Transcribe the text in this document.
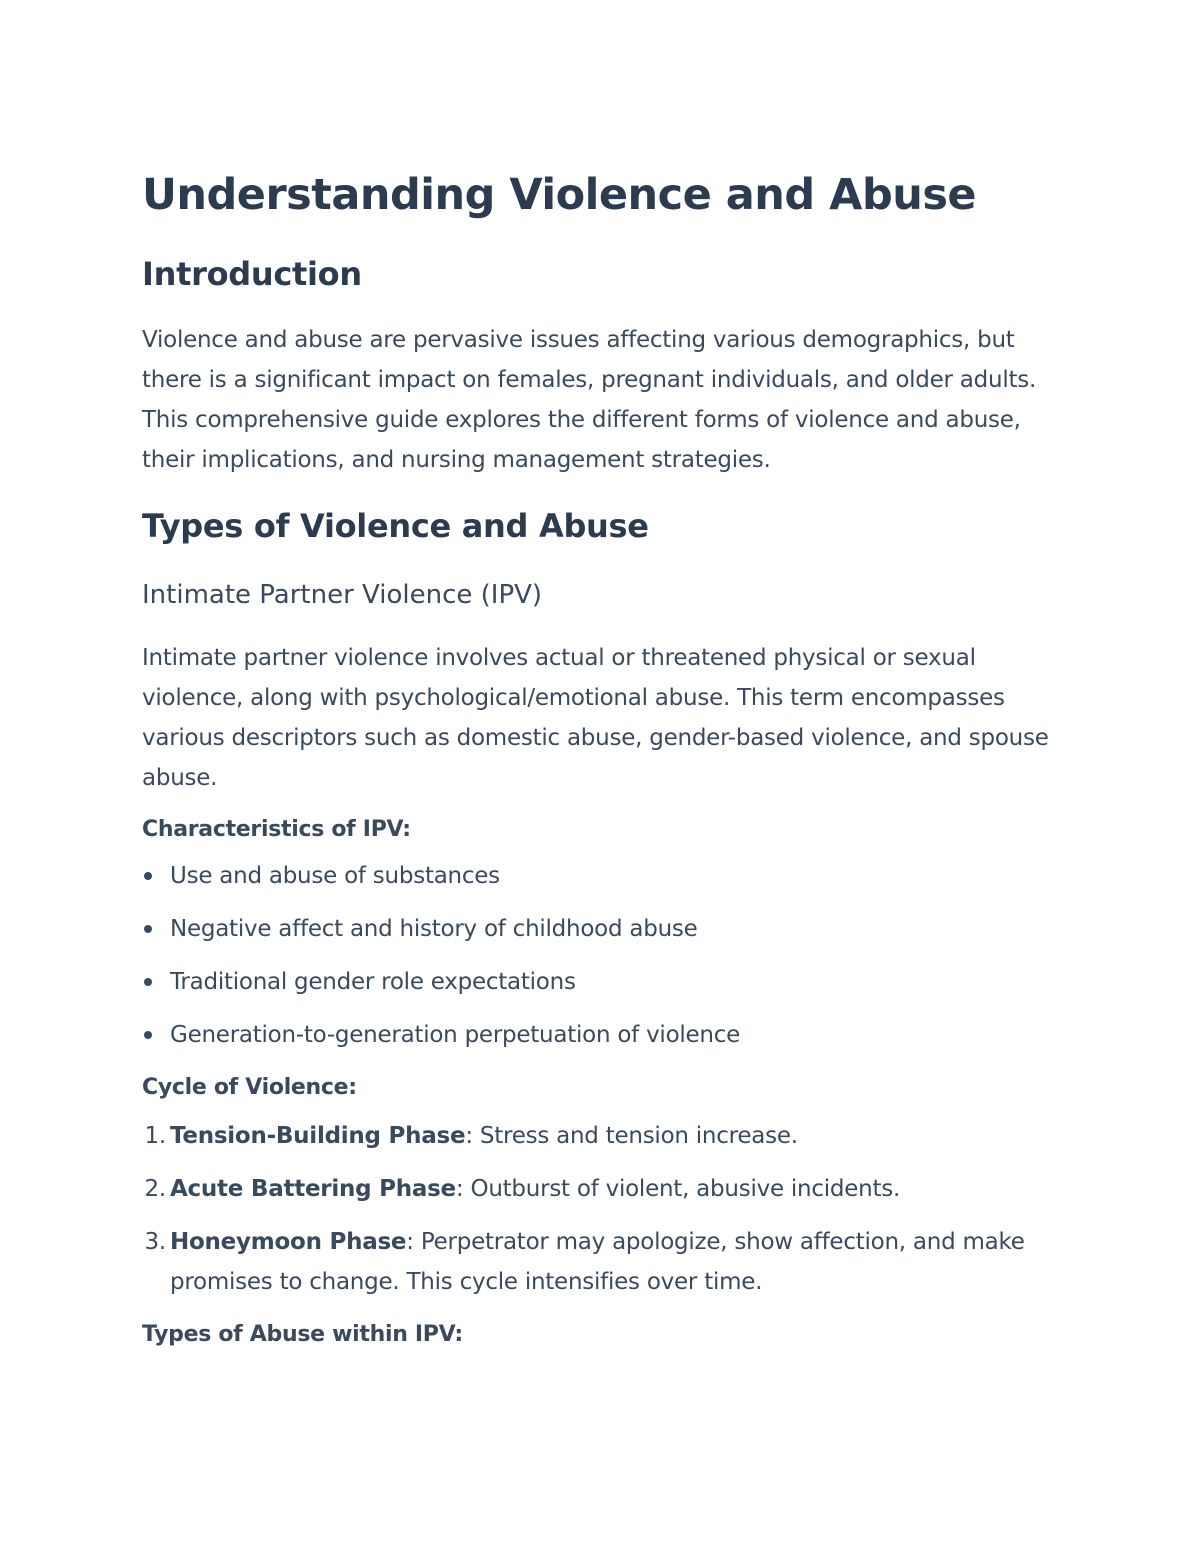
Understanding Violence and Abuse
Introduction

Violence and abuse are pervasive issues affecting various demographics, but there is a significant impact on females, pregnant individuals, and older adults. This comprehensive guide explores the different forms of violence and abuse, their implications, and nursing management strategies.

Types of Violence and Abuse
Intimate Partner Violence (IPV)

Intimate partner violence involves actual or threatened physical or sexual violence, along with psychological/emotional abuse. This term encompasses various descriptors such as domestic abuse, gender-based violence, and spouse abuse.

Characteristics of IPV:
Use and abuse of substances
Negative affect and history of childhood abuse
Traditional gender role expectations
Generation-to-generation perpetuation of violence
Cycle of Violence:
1. Tension-Building Phase: Stress and tension increase.
2. Acute Battering Phase: Outburst of violent, abusive incidents.
3. Honeymoon Phase: Perpetrator may apologize, show affection, and make promises to change. This cycle intensifies over time.
Types of Abuse within IPV:
